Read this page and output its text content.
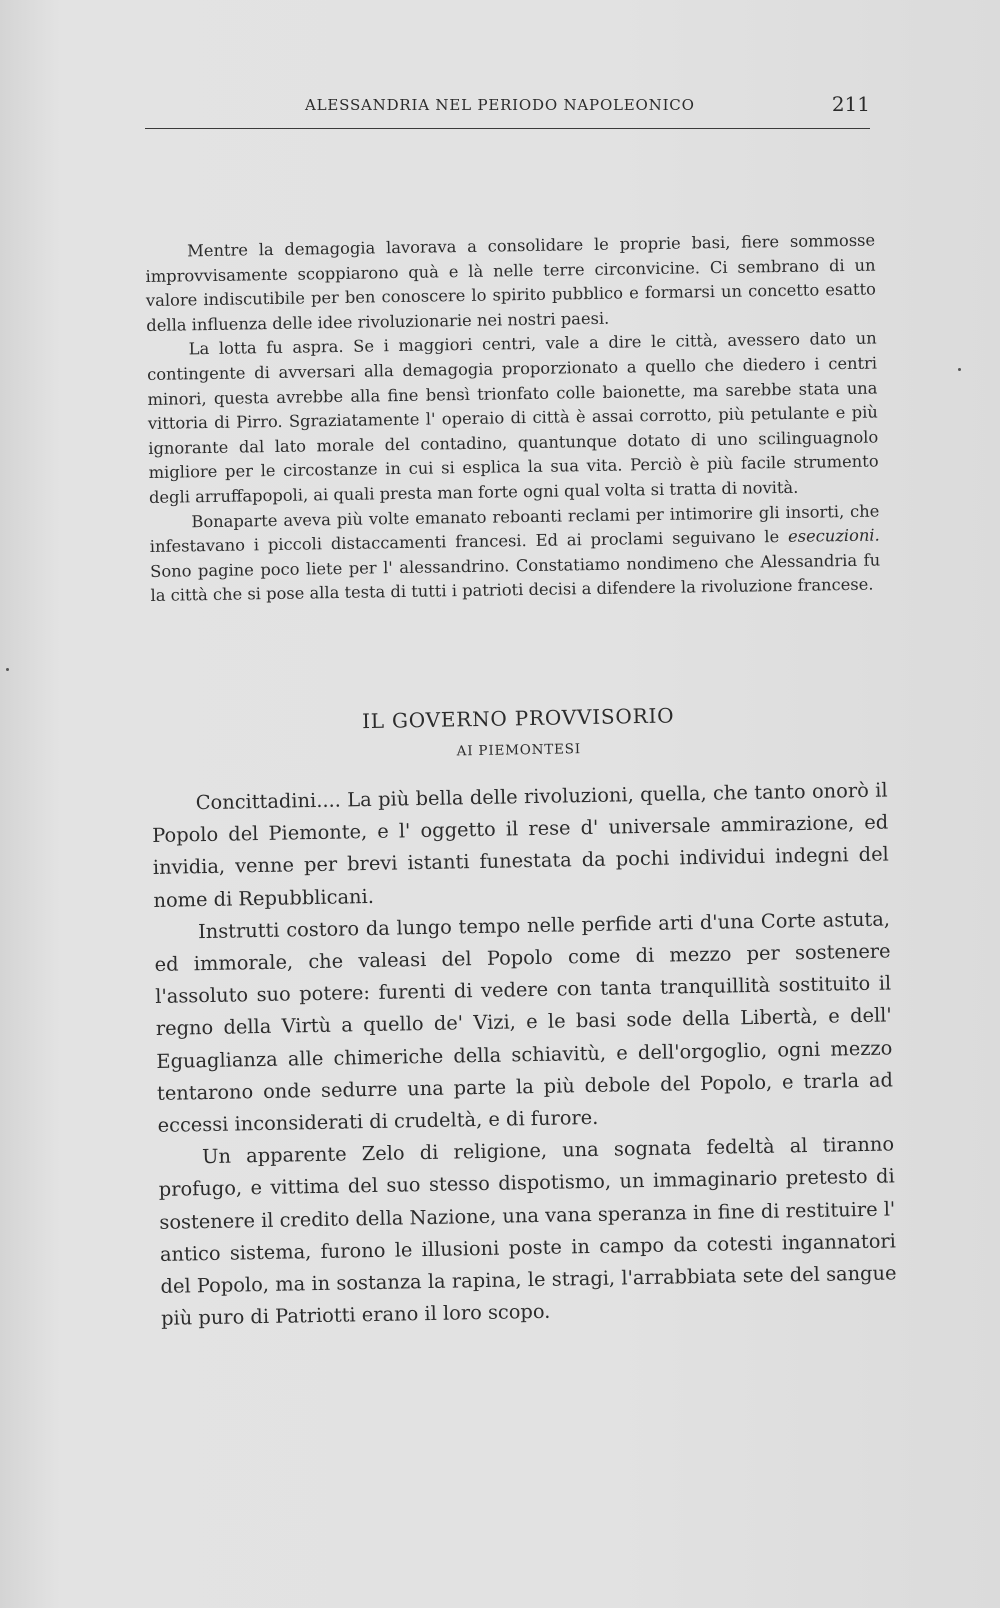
ALESSANDRIA NEL PERIODO NAPOLEONICO	211

Mentre la demagogia lavorava a consolidare le proprie basi, fiere sommosse improvvisamente scoppiarono quà e là nelle terre circonvicine. Ci sembrano di un valore indiscutibile per ben conoscere lo spirito pubblico e formarsi un concetto esatto della influenza delle idee rivoluzionarie nei nostri paesi.

La lotta fu aspra. Se i maggiori centri, vale a dire le città, avessero dato un contingente di avversari alla demagogia proporzionato a quello che diedero i centri minori, questa avrebbe alla fine bensì trionfato colle baionette, ma sarebbe stata una vittoria di Pirro. Sgraziatamente l' operaio di città è assai corrotto, più petulante e più ignorante dal lato morale del contadino, quantunque dotato di uno scilinguagnolo migliore per le circostanze in cui si esplica la sua vita. Perciò è più facile strumento degli arruffapopoli, ai quali presta man forte ogni qual volta si tratta di novità.

Bonaparte aveva più volte emanato reboanti reclami per intimorire gli insorti, che infestavano i piccoli distaccamenti francesi. Ed ai proclami seguivano le esecuzioni. Sono pagine poco liete per l' alessandrino. Constatiamo nondimeno che Alessandria fu la città che si pose alla testa di tutti i patrioti decisi a difendere la rivoluzione francese.

IL GOVERNO PROVVISORIO

AI PIEMONTESI

Concittadini.... La più bella delle rivoluzioni, quella, che tanto onorò il Popolo del Piemonte, e l' oggetto il rese d' universale ammirazione, ed invidia, venne per brevi istanti funestata da pochi individui indegni del nome di Repubblicani.

Instrutti costoro da lungo tempo nelle perfide arti d'una Corte astuta, ed immorale, che valeasi del Popolo come di mezzo per sostenere l'assoluto suo potere: furenti di vedere con tanta tranquillità sostituito il regno della Virtù a quello de' Vizi, e le basi sode della Libertà, e dell' Eguaglianza alle chimeriche della schiavitù, e dell'orgoglio, ogni mezzo tentarono onde sedurre una parte la più debole del Popolo, e trarla ad eccessi inconsiderati di crudeltà, e di furore.

Un apparente Zelo di religione, una sognata fedeltà al tiranno profugo, e vittima del suo stesso dispotismo, un immaginario pretesto di sostenere il credito della Nazione, una vana speranza in fine di restituire l' antico sistema, furono le illusioni poste in campo da cotesti ingannatori del Popolo, ma in sostanza la rapina, le stragi, l'arrabbiata sete del sangue più puro di Patriotti erano il loro scopo.
